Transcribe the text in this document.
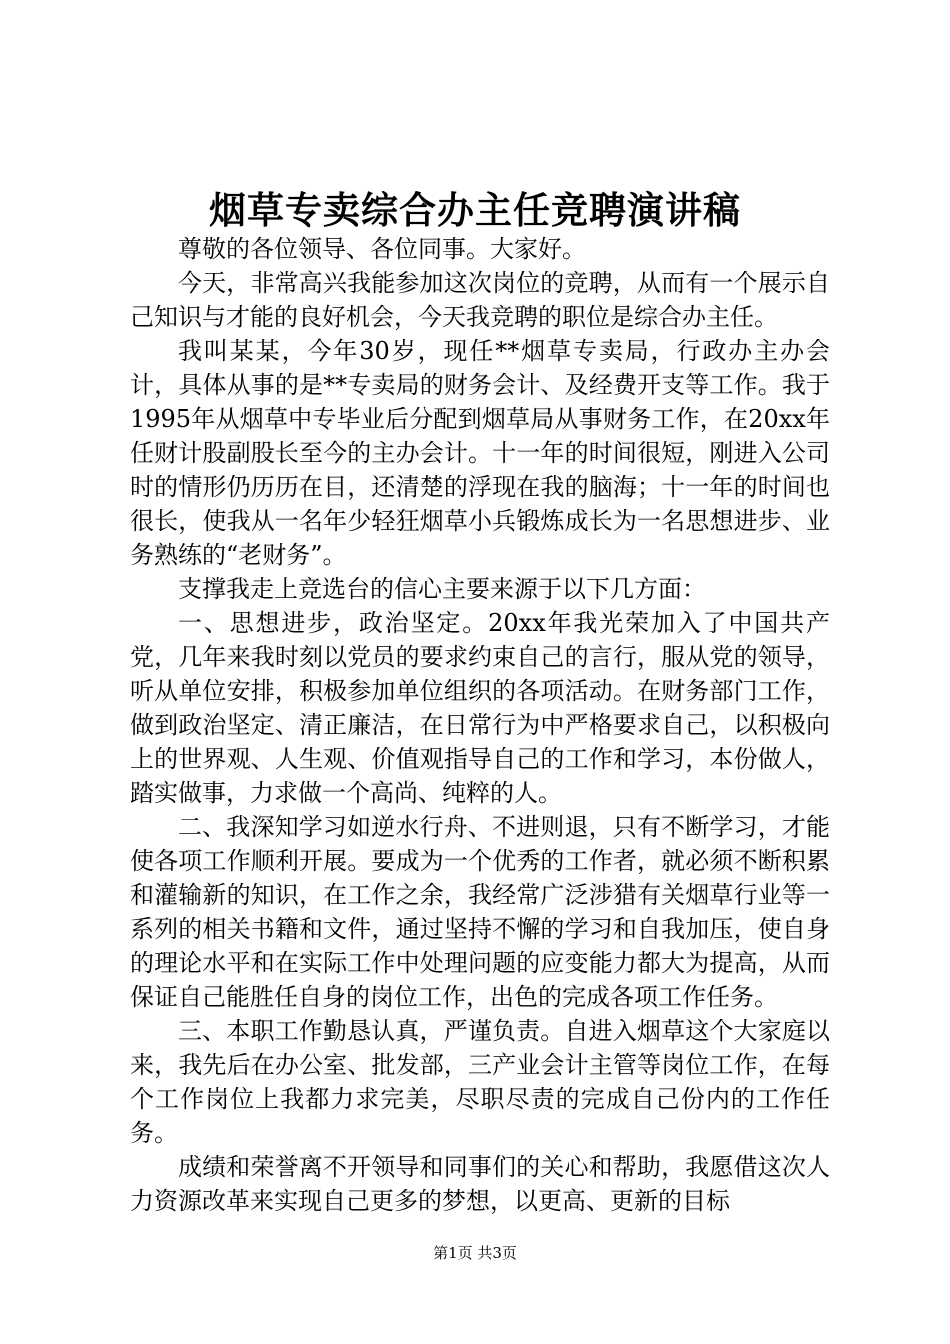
烟草专卖综合办主任竞聘演讲稿

尊敬的各位领导、各位同事。大家好。

今天，非常高兴我能参加这次岗位的竞聘，从而有一个展示自己知识与才能的良好机会，今天我竞聘的职位是综合办主任。

我叫某某，今年30岁，现任**烟草专卖局，行政办主办会计，具体从事的是**专卖局的财务会计、及经费开支等工作。我于1995年从烟草中专毕业后分配到烟草局从事财务工作，在20xx年任财计股副股长至今的主办会计。十一年的时间很短，刚进入公司时的情形仍历历在目，还清楚的浮现在我的脑海；十一年的时间也很长，使我从一名年少轻狂烟草小兵锻炼成长为一名思想进步、业务熟练的“老财务”。

支撑我走上竞选台的信心主要来源于以下几方面：

一、思想进步，政治坚定。20xx年我光荣加入了中国共产党，几年来我时刻以党员的要求约束自己的言行，服从党的领导，听从单位安排，积极参加单位组织的各项活动。在财务部门工作，做到政治坚定、清正廉洁，在日常行为中严格要求自己，以积极向上的世界观、人生观、价值观指导自己的工作和学习，本份做人，踏实做事，力求做一个高尚、纯粹的人。

二、我深知学习如逆水行舟、不进则退，只有不断学习，才能使各项工作顺利开展。要成为一个优秀的工作者，就必须不断积累和灌输新的知识，在工作之余，我经常广泛涉猎有关烟草行业等一系列的相关书籍和文件，通过坚持不懈的学习和自我加压，使自身的理论水平和在实际工作中处理问题的应变能力都大为提高，从而保证自己能胜任自身的岗位工作，出色的完成各项工作任务。

三、本职工作勤恳认真，严谨负责。自进入烟草这个大家庭以来，我先后在办公室、批发部，三产业会计主管等岗位工作，在每个工作岗位上我都力求完美，尽职尽责的完成自己份内的工作任务。

成绩和荣誉离不开领导和同事们的关心和帮助，我愿借这次人力资源改革来实现自己更多的梦想，以更高、更新的目标

第1页 共3页
